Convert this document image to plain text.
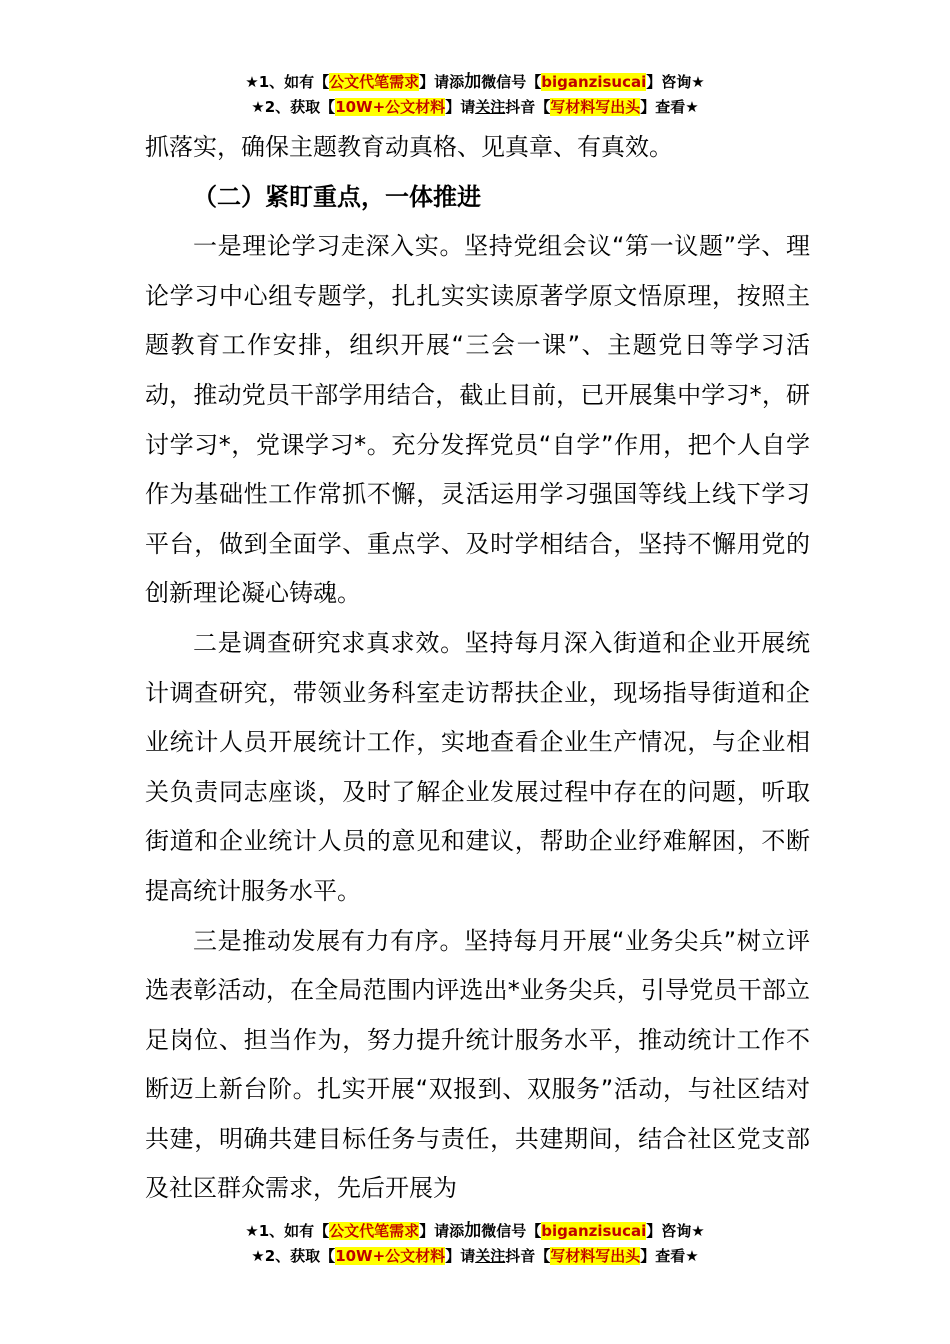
★1、如有【公文代笔需求】请添加微信号【biganzisucai】咨询★
★2、获取【10W+公文材料】请关注抖音【写材料写出头】查看★

抓落实，确保主题教育动真格、见真章、有真效。

（二）紧盯重点，一体推进

一是理论学习走深入实。坚持党组会议“第一议题”学、理论学习中心组专题学，扎扎实实读原著学原文悟原理，按照主题教育工作安排，组织开展“三会一课”、主题党日等学习活动，推动党员干部学用结合，截止目前，已开展集中学习*，研讨学习*，党课学习*。充分发挥党员“自学”作用，把个人自学作为基础性工作常抓不懈，灵活运用学习强国等线上线下学习平台，做到全面学、重点学、及时学相结合，坚持不懈用党的创新理论凝心铸魂。

二是调查研究求真求效。坚持每月深入街道和企业开展统计调查研究，带领业务科室走访帮扶企业，现场指导街道和企业统计人员开展统计工作，实地查看企业生产情况，与企业相关负责同志座谈，及时了解企业发展过程中存在的问题，听取街道和企业统计人员的意见和建议，帮助企业纾难解困，不断提高统计服务水平。

三是推动发展有力有序。坚持每月开展“业务尖兵”树立评选表彰活动，在全局范围内评选出*业务尖兵，引导党员干部立足岗位、担当作为，努力提升统计服务水平，推动统计工作不断迈上新台阶。扎实开展“双报到、双服务”活动，与社区结对共建，明确共建目标任务与责任，共建期间，结合社区党支部及社区群众需求，先后开展为

★1、如有【公文代笔需求】请添加微信号【biganzisucai】咨询★
★2、获取【10W+公文材料】请关注抖音【写材料写出头】查看★
